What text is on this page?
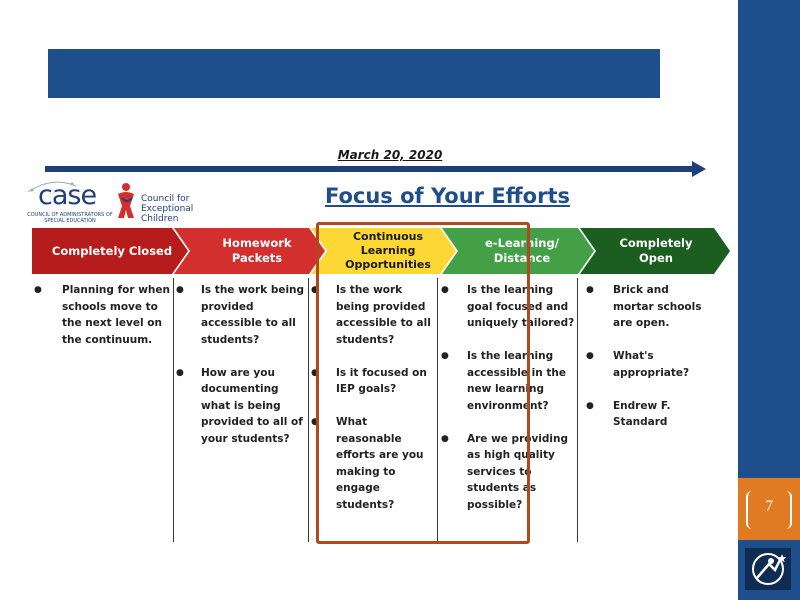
7
March 20, 2020
case
COUNCIL OF ADMINISTRATORS OF SPECIAL EDUCATION
Council for
Exceptional
Children
Focus of Your Efforts
Completely Closed
Homework
Packets
Continuous
Learning
Opportunities
e-Learning/
Distance
Completely
Open
● Planning for when schools move to the next level on the continuum.
● Is the work being provided accessible to all students?
● How are you documenting what is being provided to all of your students?
● Is the work being provided accessible to all students?
● Is it focused on IEP goals?
● What reasonable efforts are you making to engage students?
● Is the learning goal focused and uniquely tailored?
● Is the learning accessible in the new learning environment?
● Are we providing as high quality services to students as possible?
● Brick and mortar schools are open.
● What's appropriate?
● Endrew F. Standard
